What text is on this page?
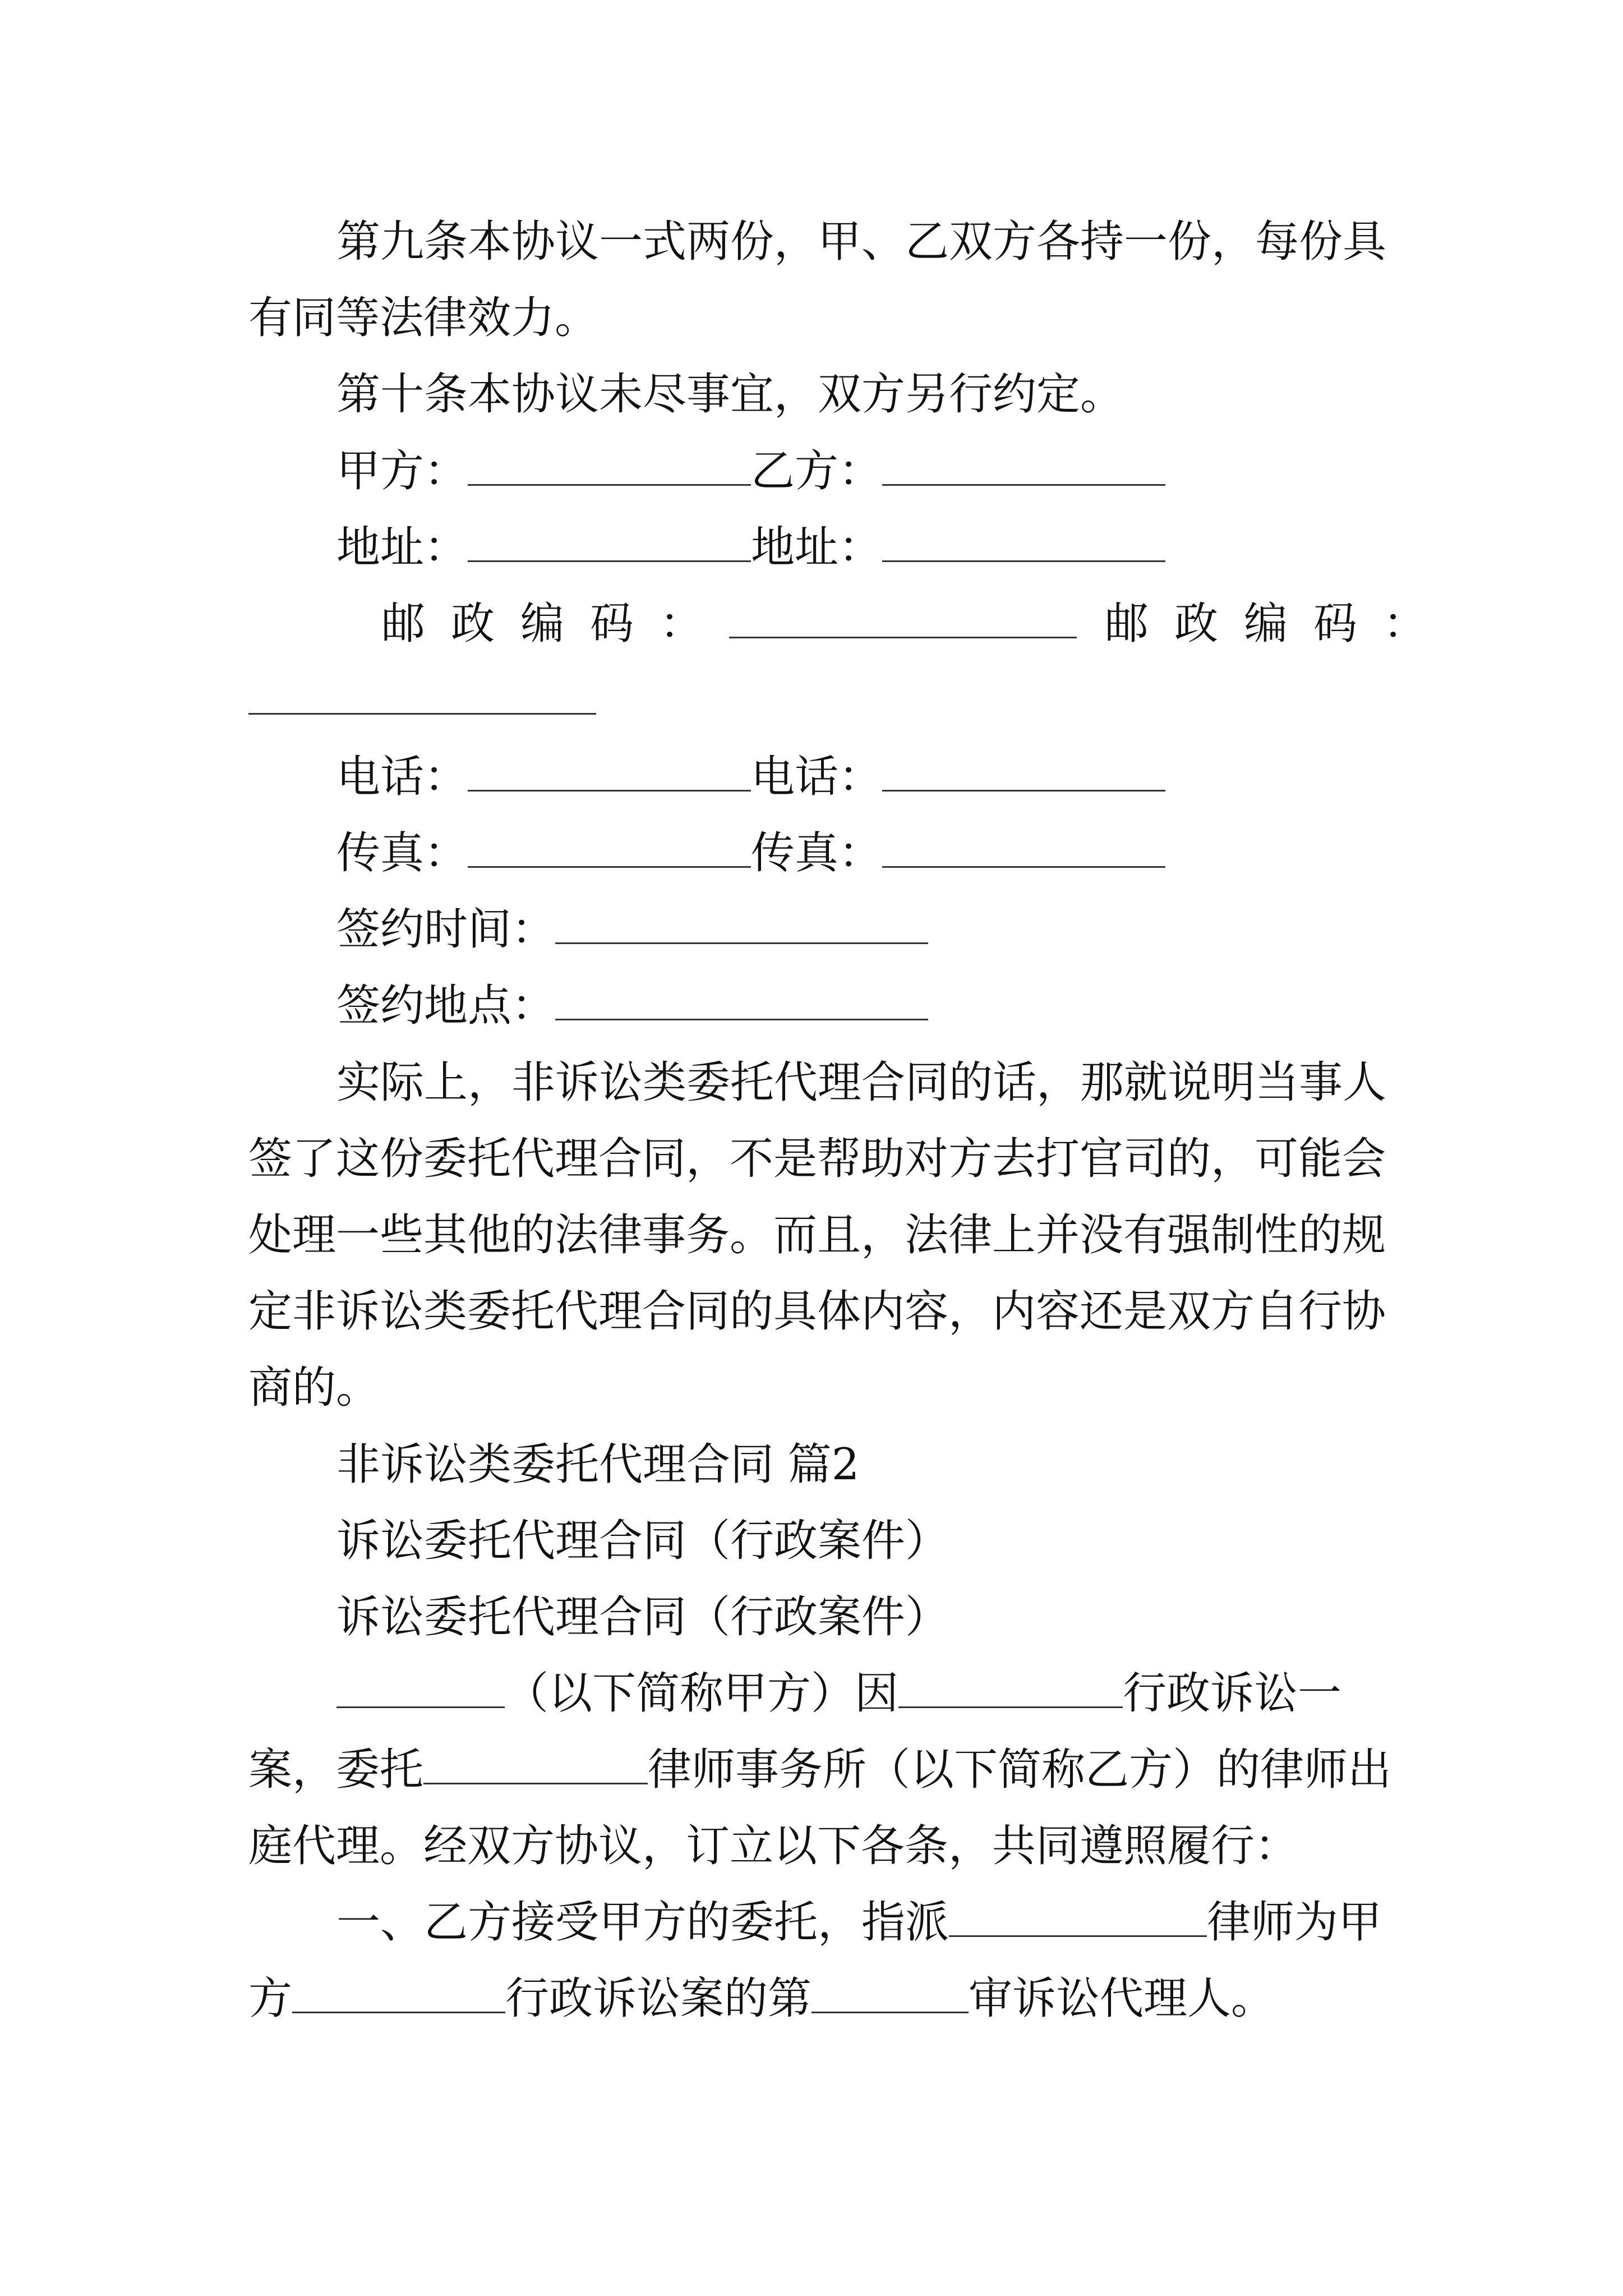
第九条本协议一式两份，甲、乙双方各持一份，每份具
有同等法律效力。
第十条本协议未尽事宜，双方另行约定。
甲方：	乙方：
地址：	地址：
邮政编码：	邮政编码：
电话：	电话：
传真：	传真：
签约时间：
签约地点：
实际上，非诉讼类委托代理合同的话，那就说明当事人
签了这份委托代理合同，不是帮助对方去打官司的，可能会
处理一些其他的法律事务。而且，法律上并没有强制性的规
定非诉讼类委托代理合同的具体内容，内容还是双方自行协
商的。
非诉讼类委托代理合同 篇2
诉讼委托代理合同（行政案件）
诉讼委托代理合同（行政案件）
（以下简称甲方）因	行政诉讼一
案，委托	律师事务所（以下简称乙方）的律师出
庭代理。经双方协议，订立以下各条，共同遵照履行：
一、乙方接受甲方的委托，指派	律师为甲
方	行政诉讼案的第	审诉讼代理人。
